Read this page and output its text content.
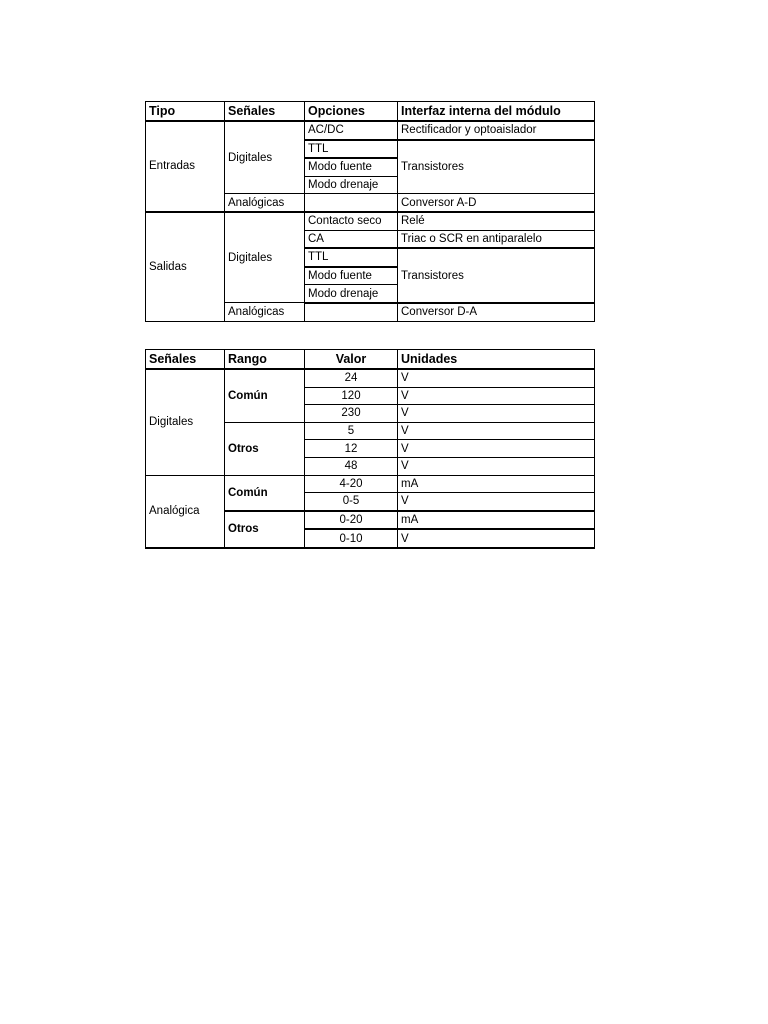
Tipo	Señales	Opciones	Interfaz interna del módulo
Entradas	Digitales	AC/DC	Rectificador y optoaislador
		TTL	Transistores
		Modo fuente	
		Modo drenaje	
	Analógicas		Conversor A-D
Salidas	Digitales	Contacto seco	Relé
		CA	Triac o SCR en antiparalelo
		TTL	Transistores
		Modo fuente	
		Modo drenaje	
	Analógicas		Conversor D-A
Señales	Rango	Valor	Unidades
Digitales	Común	24	V
		120	V
		230	V
	Otros	5	V
		12	V
		48	V
Analógica	Común	4-20	mA
		0-5	V
	Otros	0-20	mA
		0-10	V
